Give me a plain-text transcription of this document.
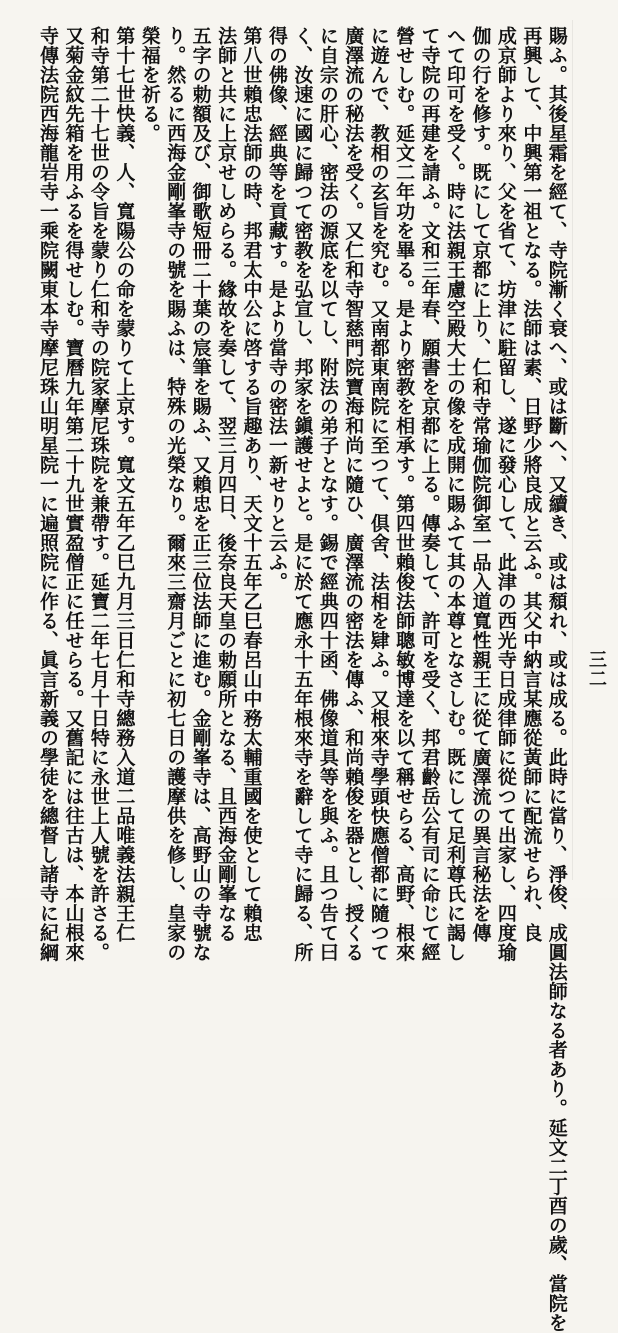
賜ふ。其後星霜を經て、寺院漸く衰へ、或は斷へ、又續き、或は頹れ、或は成る。此時に當り、淨俊、成圓法師なる者あり。延文二丁酉の歲、當院を
再興して、中興第一祖となる。法師は素、日野少將良成と云ふ。其父中納言某應從黃師に配流せられ、良
成京師より來り、父を省て、坊津に駐留し、遂に發心して、此津の西光寺日成律師に從つて出家し、四度瑜
伽の行を修す。既にして京都に上り、仁和寺常瑜伽院御室一品入道寬性親王に從て廣澤流の異言秘法を傳
へて印可を受く。時に法親王慮空殿大士の像を成開に賜ふて其の本尊となさしむ。既にして足利尊氏に謁し
て寺院の再建を請ふ。文和三年春、願書を京都に上る。傳奏して、許可を受く、邦君齡岳公有司に命じて經
營せしむ。延文二年功を畢る。是より密教を相承す。第四世賴俊法師聰敏博達を以て稱せらる、高野、根來
に遊んで、教相の玄旨を究む。又南都東南院に至つて、倶舍、法相を肄ふ。又根來寺學頭快應僧都に隨つて
廣澤流の秘法を受く。又仁和寺智慈門院寶海和尚に隨ひ、廣澤流の密法を傳ふ、和尚賴俊を器とし、授くる
に自宗の肝心、密法の源底を以てし、附法の弟子となす。錫で經典四十函、佛像道具等を與ふ。且つ告て曰
く、汝速に國に歸つて密教を弘宣し、邦家を鎭護せよと。是に於て應永十五年根來寺を辭して寺に歸る、所
得の佛像、經典等を貢藏す。是より當寺の密法一新せりと云ふ。
第八世賴忠法師の時、邦君太中公に啓する旨趣あり、天文十五年乙巳春呂山中務太輔重國を使として賴忠
法師と共に上京せしめらる。緣故を奏して、翌三月四日、後奈良天皇の勅願所となる、且西海金剛峯なる
五字の勅額及び、御歌短冊二十葉の宸筆を賜ふ、又賴忠を正三位法師に進む。金剛峯寺は、高野山の寺號な
り。然るに西海金剛峯寺の號を賜ふは、特殊の光榮なり。爾來三齋月ごとに初七日の護摩供を修し、皇家の
榮福を祈る。
第十七世快義、人、寬陽公の命を蒙りて上京す。寬文五年乙巳九月三日仁和寺總務入道二品唯義法親王仁
和寺第二十七世の令旨を蒙り仁和寺の院家摩尼珠院を兼帶す。延寶二年七月十日特に永世上人號を許さる。
又菊金紋先箱を用ふるを得せしむ。寶曆九年第二十九世實盈僧正に任せらる。又舊記には往古は、本山根來
寺傳法院西海龍岩寺一乘院闕東本寺摩尼珠山明星院一に遍照院に作る、眞言新義の學徒を總督し諸寺に紀綱	三二
